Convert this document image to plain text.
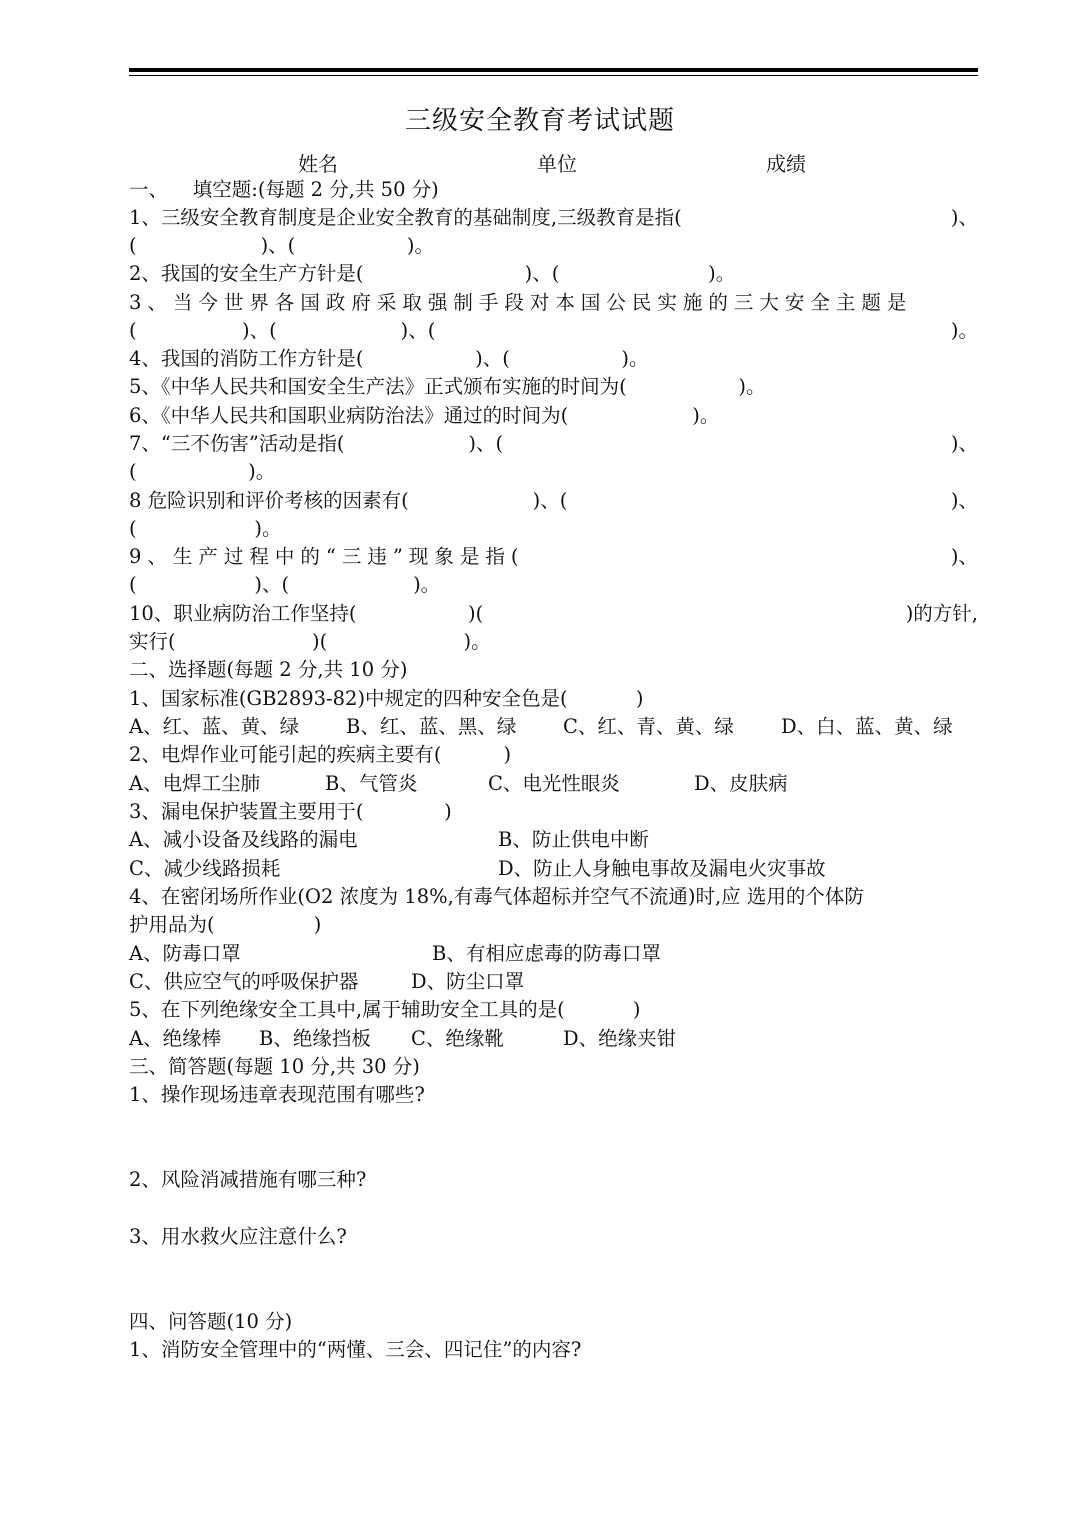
三级安全教育考试试题
姓名	单位	成绩
一、    填空题:(每题 2 分,共 50 分)
1、三级安全教育制度是企业安全教育的基础制度,三级教育是指(	)、
(                    )、(                  )。
2、我国的安全生产方针是(                          )、(                        )。
3、当今世界各国政府采取强制手段对本国公民实施的三大安全主题是
(                 )、(                    )、(	)。
4、我国的消防工作方针是(                  )、(                  )。
5、《中华人民共和国安全生产法》正式颁布实施的时间为(                  )。
6、《中华人民共和国职业病防治法》通过的时间为(                    )。
7、“三不伤害”活动是指(                    )、(	)、
(                  )。
8 危险识别和评价考核的因素有(                    )、(	)、
(                   )。
9、生产过程中的“三违”现象是指(	)、
(                   )、(                    )。
10、职业病防治工作坚持(                  )(	)的方针,
实行(                      )(                      )。
二、选择题(每题 2 分,共 10 分)
1、国家标准(GB2893-82)中规定的四种安全色是(           )
A、红、蓝、黄、绿 B、红、蓝、黑、绿 C、红、青、黄、绿 D、白、蓝、黄、绿
2、电焊作业可能引起的疾病主要有(          )
A、电焊工尘肺	B、气管炎	C、电光性眼炎	D、皮肤病
3、漏电保护装置主要用于(             )
A、减小设备及线路的漏电	B、防止供电中断
C、减少线路损耗	D、防止人身触电事故及漏电火灾事故
4、在密闭场所作业(O2 浓度为 18%,有毒气体超标并空气不流通)时,应 选用的个体防
护用品为(                )
A、防毒口罩	B、有相应虑毒的防毒口罩
C、供应空气的呼吸保护器	D、防尘口罩
5、在下列绝缘安全工具中,属于辅助安全工具的是(           )
A、绝缘棒 B、绝缘挡板 C、绝缘靴	D、绝缘夹钳
三、简答题(每题 10 分,共 30 分)
1、操作现场违章表现范围有哪些?
2、风险消减措施有哪三种?
3、用水救火应注意什么?
四、问答题(10 分)
1、消防安全管理中的“两懂、三会、四记住”的内容?
